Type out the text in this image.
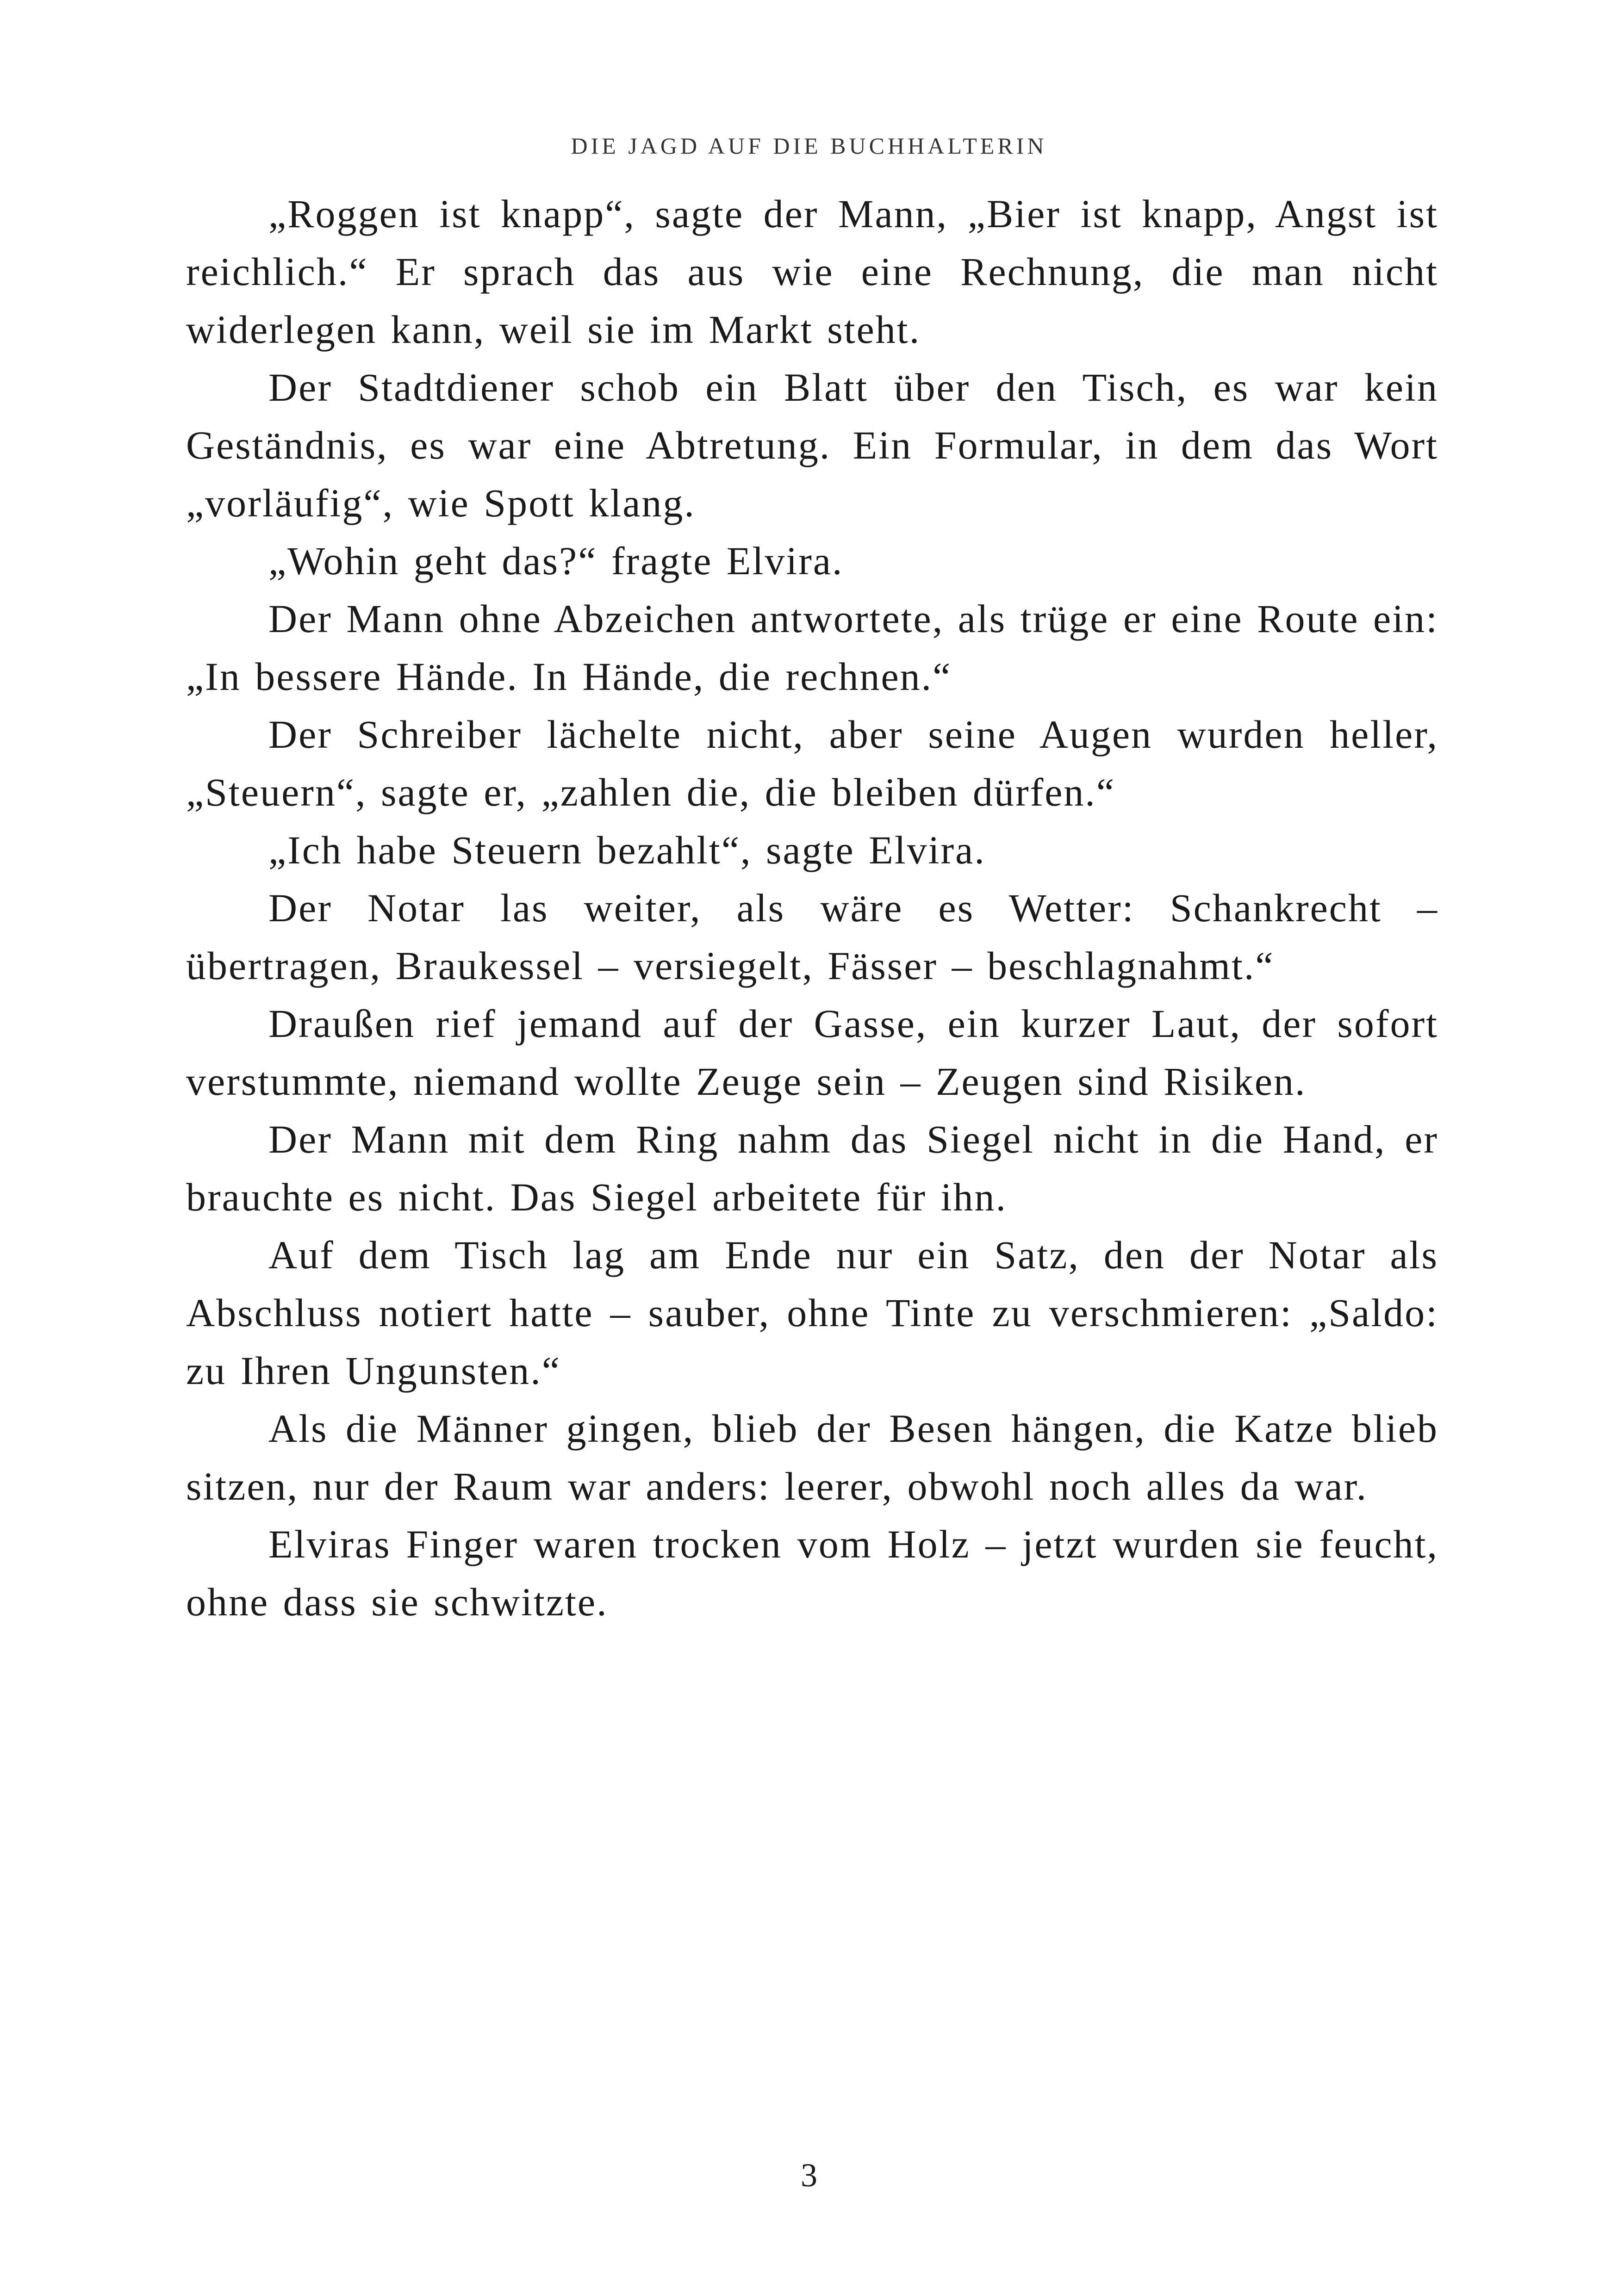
DIE JAGD AUF DIE BUCHHALTERIN

„Roggen ist knapp“, sagte der Mann, „Bier ist knapp, Angst ist reichlich.“ Er sprach das aus wie eine Rechnung, die man nicht widerlegen kann, weil sie im Markt steht.

Der Stadtdiener schob ein Blatt über den Tisch, es war kein Geständnis, es war eine Abtretung. Ein Formular, in dem das Wort „vorläufig“, wie Spott klang.

„Wohin geht das?“ fragte Elvira.

Der Mann ohne Abzeichen antwortete, als trüge er eine Route ein: „In bessere Hände. In Hände, die rechnen.“

Der Schreiber lächelte nicht, aber seine Augen wurden heller, „Steuern“, sagte er, „zahlen die, die bleiben dürfen.“

„Ich habe Steuern bezahlt“, sagte Elvira.

Der Notar las weiter, als wäre es Wetter: Schankrecht – übertragen, Braukessel – versiegelt, Fässer – beschlagnahmt.“

Draußen rief jemand auf der Gasse, ein kurzer Laut, der sofort verstummte, niemand wollte Zeuge sein – Zeugen sind Risiken.

Der Mann mit dem Ring nahm das Siegel nicht in die Hand, er brauchte es nicht. Das Siegel arbeitete für ihn.

Auf dem Tisch lag am Ende nur ein Satz, den der Notar als Abschluss notiert hatte – sauber, ohne Tinte zu verschmieren: „Saldo: zu Ihren Ungunsten.“

Als die Männer gingen, blieb der Besen hängen, die Katze blieb sitzen, nur der Raum war anders: leerer, obwohl noch alles da war.

Elviras Finger waren trocken vom Holz – jetzt wurden sie feucht, ohne dass sie schwitzte.

3
